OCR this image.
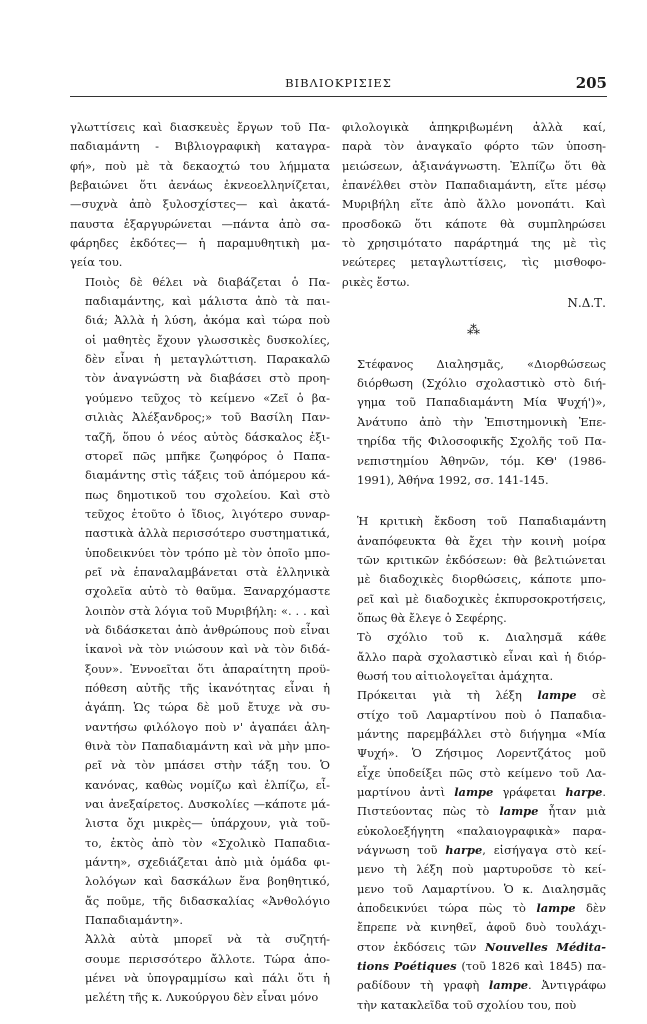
ΒΙΒΛΙΟΚΡΙΣΙΕΣ	205

γλωττίσεις καὶ διασκευὲς ἔργων τοῦ Πα-
παδιαμάντη - Βιβλιογραφικὴ καταγρα-
φή», ποὺ μὲ τὰ δεκαοχτώ του λήμματα
βεβαιώνει ὅτι ἀενάως ἐκνεοελληνίζεται,
—συχνὰ ἀπὸ ξυλοσχίστες— καὶ ἀκατά-
παυστα ἐξαργυρώνεται —πάντα ἀπὸ σα-
φάρηδες ἐκδότες— ἡ παραμυθητικὴ μα-
γεία του.

Ποιὸς δὲ θέλει νὰ διαβάζεται ὁ Πα-
παδιαμάντης, καὶ μάλιστα ἀπὸ τὰ παι-
διά; Ἀλλὰ ἡ λύση, ἀκόμα καὶ τώρα ποὺ
οἱ μαθητὲς ἔχουν γλωσσικὲς δυσκολίες,
δὲν εἶναι ἡ μεταγλώττιση. Παρακαλῶ
τὸν ἀναγνώστη νὰ διαβάσει στὸ προη-
γούμενο τεῦχος τὸ κείμενο «Ζεῖ ὁ βα-
σιλιὰς Ἀλέξανδρος;» τοῦ Βασίλη Παν-
ταζῆ, ὅπου ὁ νέος αὐτὸς δάσκαλος ἐξι-
στορεῖ πῶς μπῆκε ζωηφόρος ὁ Παπα-
διαμάντης στὶς τάξεις τοῦ ἀπόμερου κά-
πως δημοτικοῦ του σχολείου. Καὶ στὸ
τεῦχος ἐτοῦτο ὁ ἴδιος, λιγότερο συναρ-
παστικὰ ἀλλὰ περισσότερο συστηματικά,
ὑποδεικνύει τὸν τρόπο μὲ τὸν ὁποῖο μπο-
ρεῖ νὰ ἐπαναλαμβάνεται στὰ ἑλληνικὰ
σχολεῖα αὐτὸ τὸ θαῦμα. Ξαναρχόμαστε
λοιπὸν στὰ λόγια τοῦ Μυριβήλη: «. . . καὶ
νὰ διδάσκεται ἀπὸ ἀνθρώπους ποὺ εἶναι
ἱκανοὶ νὰ τὸν νιώσουν καὶ νὰ τὸν διδά-
ξουν». Ἐννοεῖται ὅτι ἀπαραίτητη προϋ-
πόθεση αὐτῆς τῆς ἱκανότητας εἶναι ἡ
ἀγάπη. Ὡς τώρα δὲ μοῦ ἔτυχε νὰ συ-
ναντήσω φιλόλογο ποὺ ν' ἀγαπάει ἀλη-
θινὰ τὸν Παπαδιαμάντη καὶ νὰ μὴν μπο-
ρεῖ νὰ τὸν μπάσει στὴν τάξη του. Ὁ
κανόνας, καθὼς νομίζω καὶ ἐλπίζω, εἶ-
ναι ἀνεξαίρετος. Δυσκολίες —κάποτε μά-
λιστα ὄχι μικρὲς— ὑπάρχουν, γιὰ τοῦ-
το, ἐκτὸς ἀπὸ τὸν «Σχολικὸ Παπαδια-
μάντη», σχεδιάζεται ἀπὸ μιὰ ὁμάδα φι-
λολόγων καὶ δασκάλων ἕνα βοηθητικό,
ἄς ποῦμε, τῆς διδασκαλίας «Ἀνθολόγιο
Παπαδιαμάντη».

Ἀλλὰ αὐτὰ μπορεῖ νὰ τὰ συζητή-
σουμε περισσότερο ἄλλοτε. Τώρα ἀπο-
μένει νὰ ὑπογραμμίσω καὶ πάλι ὅτι ἡ
μελέτη τῆς κ. Λυκούργου δὲν εἶναι μόνο

φιλολογικὰ ἀπηκριβωμένη ἀλλὰ καί,
παρὰ τὸν ἀναγκαῖο φόρτο τῶν ὑποση-
μειώσεων, ἀξιανάγνωστη. Ἐλπίζω ὅτι θὰ
ἐπανέλθει στὸν Παπαδιαμάντη, εἴτε μέσῳ
Μυριβήλη εἴτε ἀπὸ ἄλλο μονοπάτι. Καὶ
προσδοκῶ ὅτι κάποτε θὰ συμπληρώσει
τὸ χρησιμότατο παράρτημά της μὲ τὶς
νεώτερες μεταγλωττίσεις, τὶς μισθοφο-
ρικὲς ἔστω.

Ν.Δ.Τ.
⁂

Στέφανος Διαλησμᾶς, «Διορθώσεως
διόρθωση (Σχόλιο σχολαστικὸ στὸ διή-
γημα τοῦ Παπαδιαμάντη Μία Ψυχή')»,
Ἀνάτυπο ἀπὸ τὴν Ἐπιστημονικὴ Ἐπε-
τηρίδα τῆς Φιλοσοφικῆς Σχολῆς τοῦ Πα-
νεπιστημίου Ἀθηνῶν, τόμ. ΚΘ' (1986-
1991), Ἀθήνα 1992, σσ. 141-145.

Ἡ κριτικὴ ἔκδοση τοῦ Παπαδιαμάντη
ἀναπόφευκτα θὰ ἔχει τὴν κοινὴ μοίρα
τῶν κριτικῶν ἐκδόσεων: θὰ βελτιώνεται
μὲ διαδοχικὲς διορθώσεις, κάποτε μπο-
ρεῖ καὶ μὲ διαδοχικὲς ἐκπυρσοκροτήσεις,
ὅπως θὰ ἔλεγε ὁ Σεφέρης.

Τὸ σχόλιο τοῦ κ. Διαλησμᾶ κάθε
ἄλλο παρὰ σχολαστικὸ εἶναι καὶ ἡ διόρ-
θωσή του αἰτιολογεῖται ἀμάχητα.

Πρόκειται γιὰ τὴ λέξη lampe σὲ
στίχο τοῦ Λαμαρτίνου ποὺ ὁ Παπαδια-
μάντης παρεμβάλλει στὸ διήγημα «Μία
Ψυχή». Ὁ Ζήσιμος Λορεντζάτος μοῦ
εἶχε ὑποδείξει πῶς στὸ κείμενο τοῦ Λα-
μαρτίνου ἀντὶ lampe γράφεται harpe.
Πιστεύοντας πὼς τὸ lampe ἦταν μιὰ
εὐκολοεξήγητη «παλαιογραφικὰ» παρα-
νάγνωση τοῦ harpe, εἰσήγαγα στὸ κεί-
μενο τὴ λέξη ποὺ μαρτυροῦσε τὸ κεί-
μενο τοῦ Λαμαρτίνου. Ὁ κ. Διαλησμᾶς
ἀποδεικνύει τώρα πὼς τὸ lampe δὲν
ἔπρεπε νὰ κινηθεῖ, ἀφοῦ δυὸ τουλάχι-
στον ἐκδόσεις τῶν Nouvelles Médita-
tions Poétiques (τοῦ 1826 καὶ 1845) πα-
ραδίδουν τὴ γραφὴ lampe. Ἀντιγράφω
τὴν κατακλεῖδα τοῦ σχολίου του, ποὺ
